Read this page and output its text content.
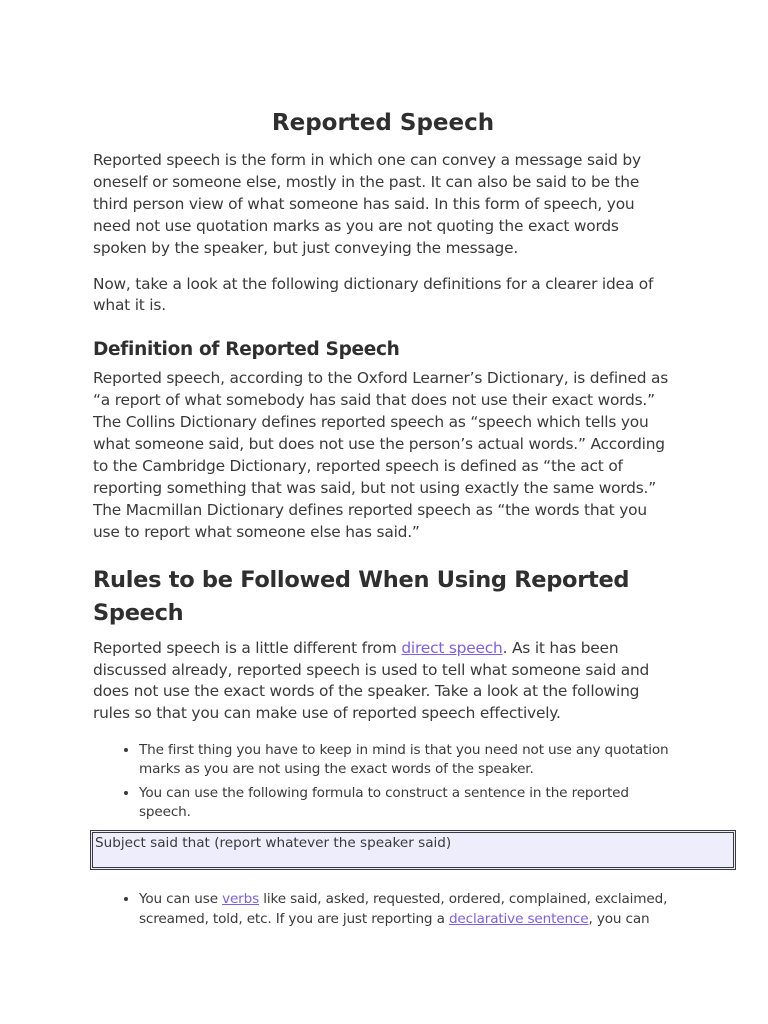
Reported Speech

Reported speech is the form in which one can convey a message said by oneself or someone else, mostly in the past. It can also be said to be the third person view of what someone has said. In this form of speech, you need not use quotation marks as you are not quoting the exact words spoken by the speaker, but just conveying the message.

Now, take a look at the following dictionary definitions for a clearer idea of what it is.

Definition of Reported Speech

Reported speech, according to the Oxford Learner’s Dictionary, is defined as “a report of what somebody has said that does not use their exact words.” The Collins Dictionary defines reported speech as “speech which tells you what someone said, but does not use the person’s actual words.” According to the Cambridge Dictionary, reported speech is defined as “the act of reporting something that was said, but not using exactly the same words.” The Macmillan Dictionary defines reported speech as “the words that you use to report what someone else has said.”

Rules to be Followed When Using Reported Speech

Reported speech is a little different from direct speech. As it has been discussed already, reported speech is used to tell what someone said and does not use the exact words of the speaker. Take a look at the following rules so that you can make use of reported speech effectively.

• The first thing you have to keep in mind is that you need not use any quotation marks as you are not using the exact words of the speaker.
• You can use the following formula to construct a sentence in the reported speech.
Subject said that (report whatever the speaker said)
• You can use verbs like said, asked, requested, ordered, complained, exclaimed, screamed, told, etc. If you are just reporting a declarative sentence, you can
